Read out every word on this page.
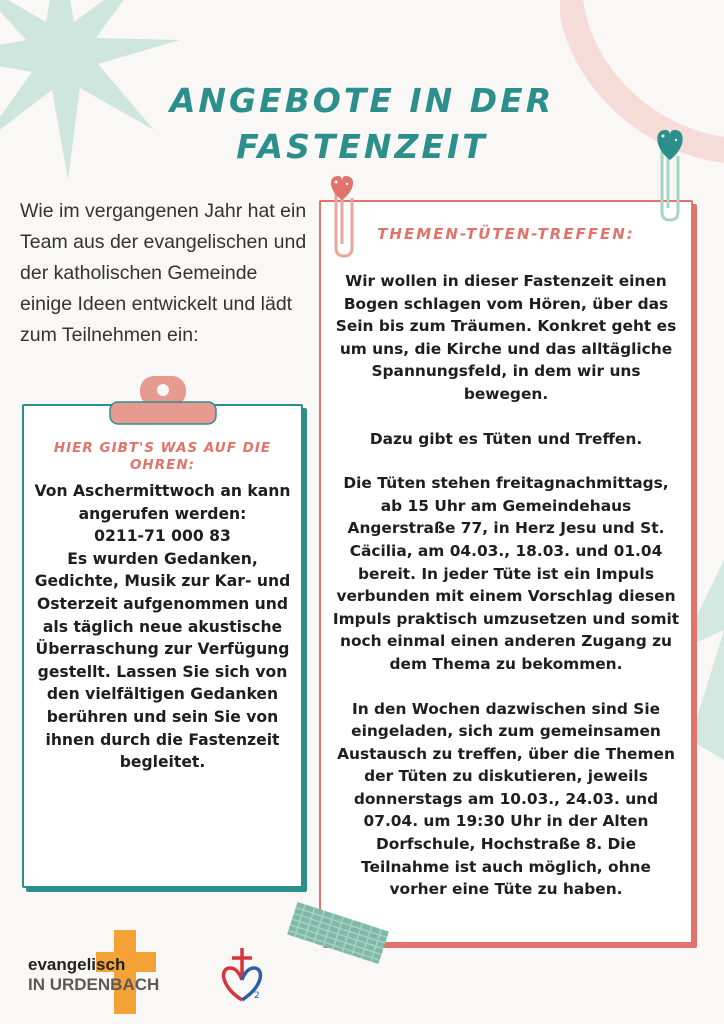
ANGEBOTE IN DER
FASTENZEIT
Wie im vergangenen Jahr hat ein Team aus der evangelischen und der katholischen Gemeinde einige Ideen entwickelt und lädt zum Teilnehmen ein:
HIER GIBT'S WAS AUF DIE OHREN:
Von Aschermittwoch an kann angerufen werden:
0211-71 000 83
Es wurden Gedanken, Gedichte, Musik zur Kar- und Osterzeit aufgenommen und als täglich neue akustische Überraschung zur Verfügung gestellt. Lassen Sie sich von den vielfältigen Gedanken berühren und sein Sie von ihnen durch die Fastenzeit begleitet.
THEMEN-TÜTEN-TREFFEN:
Wir wollen in dieser Fastenzeit einen Bogen schlagen vom Hören, über das Sein bis zum Träumen. Konkret geht es um uns, die Kirche und das alltägliche Spannungsfeld, in dem wir uns bewegen.
Dazu gibt es Tüten und Treffen.
Die Tüten stehen freitagnachmittags, ab 15 Uhr am Gemeindehaus Angerstraße 77, in Herz Jesu und St. Cäcilia, am 04.03., 18.03. und 01.04 bereit. In jeder Tüte ist ein Impuls verbunden mit einem Vorschlag diesen Impuls praktisch umzusetzen und somit noch einmal einen anderen Zugang zu dem Thema zu bekommen.
In den Wochen dazwischen sind Sie eingeladen, sich zum gemeinsamen Austausch zu treffen, über die Themen der Tüten zu diskutieren, jeweils donnerstags am 10.03., 24.03. und 07.04. um 19:30 Uhr in der Alten Dorfschule, Hochstraße 8. Die Teilnahme ist auch möglich, ohne vorher eine Tüte zu haben.
evangelisch
IN URDENBACH
2
